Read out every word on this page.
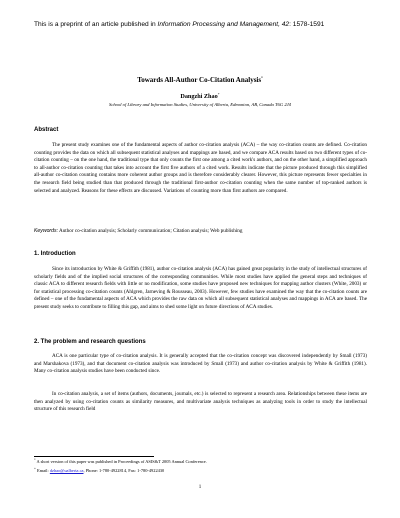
This is a preprint of an article published in Information Processing and Management, 42: 1578-1591
Towards All-Author Co-Citation Analysis*
Dangzhi Zhao+
School of Library and Information Studies, University of Alberta, Edmonton, AB, Canada T6G 2J4
Abstract
The present study examines one of the fundamental aspects of author co-citation analysis (ACA) – the way co-citation counts are defined. Co-citation counting provides the data on which all subsequent statistical analyses and mappings are based, and we compare ACA results based on two different types of co-citation counting – on the one hand, the traditional type that only counts the first one among a cited work's authors, and on the other hand, a simplified approach to all-author co-citation counting that takes into account the first five authors of a cited work. Results indicate that the picture produced through this simplified all-author co-citation counting contains more coherent author groups and is therefore considerably clearer. However, this picture represents fewer specialties in the research field being studied than that produced through the traditional first-author co-citation counting when the same number of top-ranked authors is selected and analyzed. Reasons for these effects are discussed. Variations of counting more than first authors are compared.
Keywords: Author co-citation analysis; Scholarly communication; Citation analysis; Web publishing
1. Introduction
Since its introduction by White & Griffith (1981), author co-citation analysis (ACA) has gained great popularity in the study of intellectual structures of scholarly fields and of the implied social structures of the corresponding communities. While most studies have applied the general steps and techniques of classic ACA to different research fields with little or no modification, some studies have proposed new techniques for mapping author clusters (White, 2003) or for statistical processing co-citation counts (Ahlgren, Jarneving & Rousseau, 2003). However, few studies have examined the way that the co-citation counts are defined – one of the fundamental aspects of ACA which provides the raw data on which all subsequent statistical analyses and mappings in ACA are based. The present study seeks to contribute to filling this gap, and aims to shed some light on future directions of ACA studies.
2. The problem and research questions
ACA is one particular type of co-citation analysis. It is generally accepted that the co-citation concept was discovered independently by Small (1973) and Marshakova (1973), and that document co-citation analysis was introduced by Small (1973) and author co-citation analysis by White & Griffith (1981). Many co-citation analysis studies have been conducted since.
In co-citation analysis, a set of items (authors, documents, journals, etc.) is selected to represent a research area. Relationships between these items are then analyzed by using co-citation counts as similarity measures, and multivariate analysis techniques as analyzing tools in order to study the intellectual structure of this research field
* A short version of this paper was published in Proceedings of ASIS&T 2005 Annual Conference.
+ Email: dzhao@ualberta.ca, Phone: 1-780-4922814, Fax: 1-780-4922430
1
